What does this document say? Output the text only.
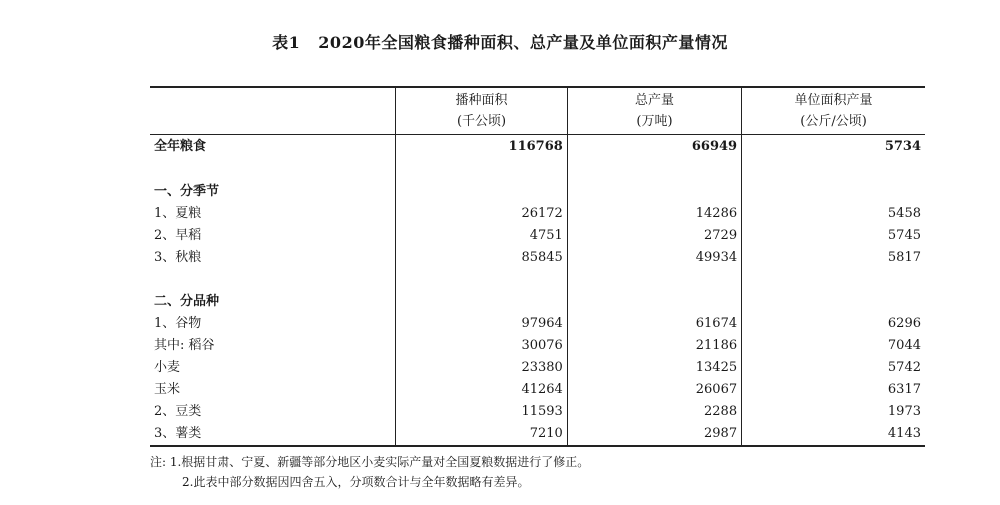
表1 2020年全国粮食播种面积、总产量及单位面积产量情况
	播种面积	总产量	单位面积产量
	(千公顷)	(万吨)	(公斤/公顷)
全年粮食	116768	66949	5734

一、分季节			
1、夏粮	26172	14286	5458
2、早稻	4751	2729	5745
3、秋粮	85845	49934	5817

二、分品种			
1、谷物	97964	61674	6296
其中: 稻谷	30076	21186	7044
小麦	23380	13425	5742
玉米	41264	26067	6317
2、豆类	11593	2288	1973
3、薯类	7210	2987	4143
注: 1.根据甘肃、宁夏、新疆等部分地区小麦实际产量对全国夏粮数据进行了修正。
2.此表中部分数据因四舍五入，分项数合计与全年数据略有差异。
